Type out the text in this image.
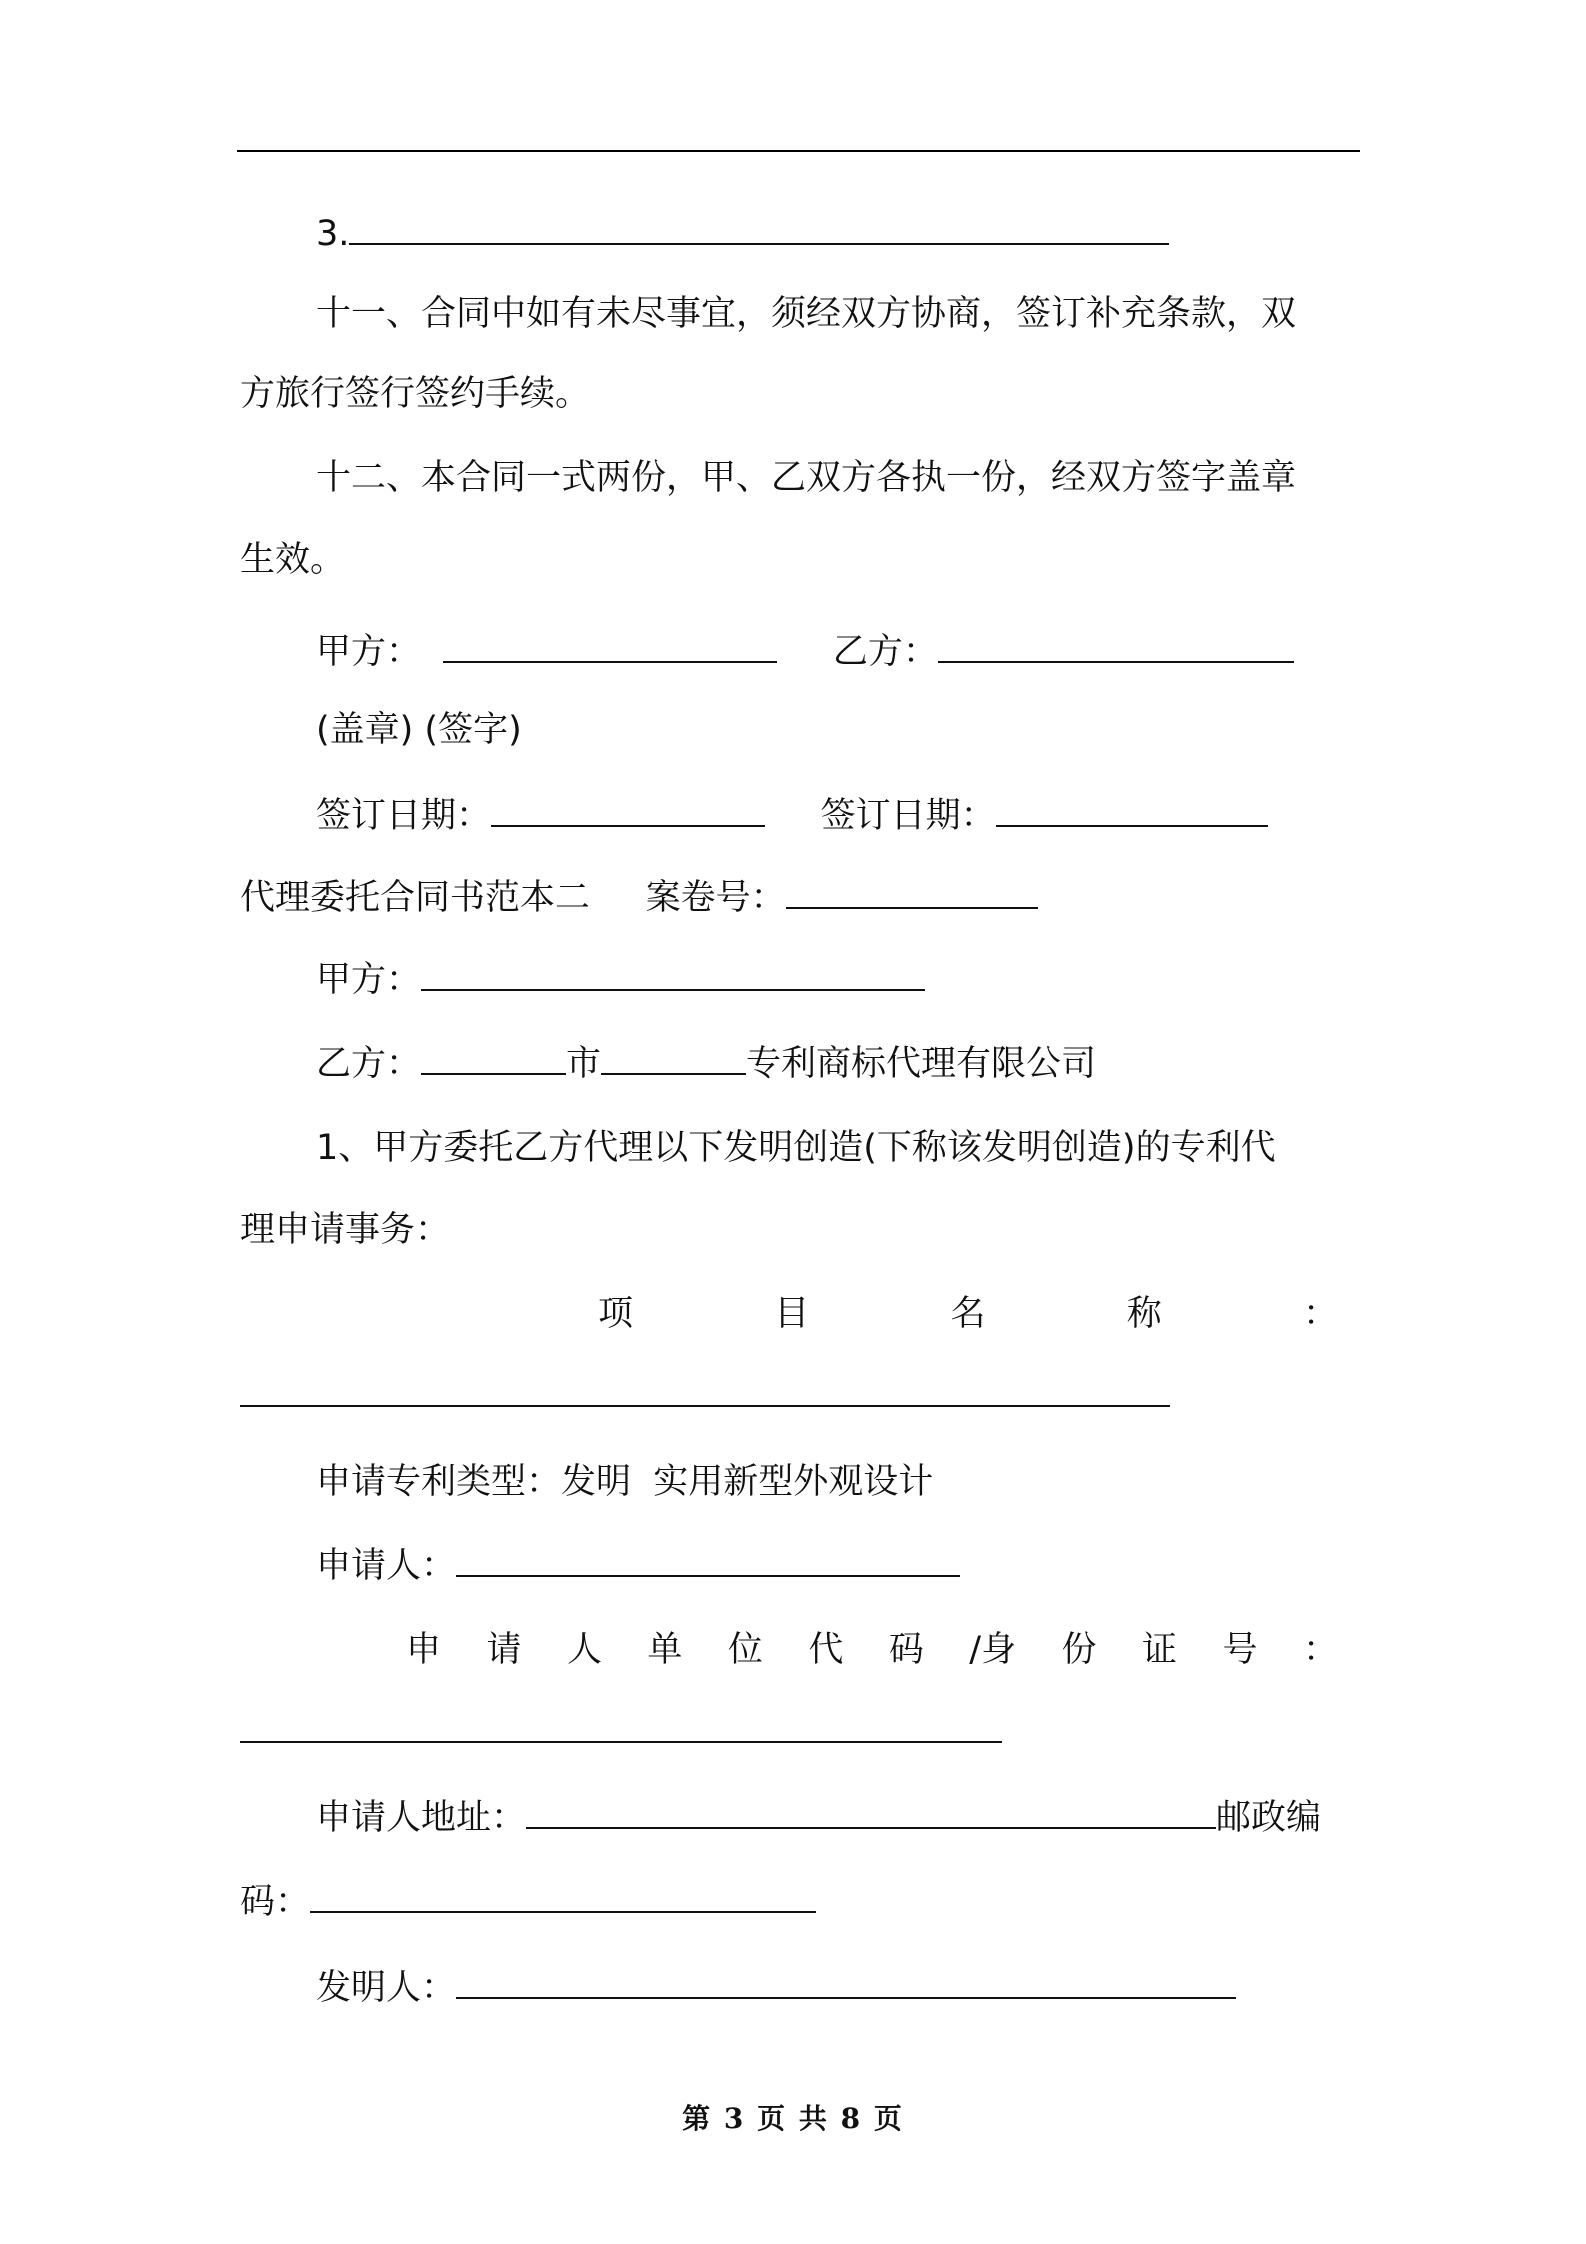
3.
十一、合同中如有未尽事宜，须经双方协商，签订补充条款，双
方旅行签行签约手续。
十二、本合同一式两份，甲、乙双方各执一份，经双方签字盖章
生效。
甲方：	乙方：
(盖章) (签字)
签订日期：	签订日期：
代理委托合同书范本二 案卷号：
甲方：
乙方：	市	专利商标代理有限公司
1、甲方委托乙方代理以下发明创造(下称该发明创造)的专利代
理申请事务：
项	目	名	称	：
申请专利类型：发明  实用新型外观设计
申请人：
申 请 人 单 位 代 码 /身 份 证 号 ：
申请人地址：	邮政编
码：
发明人：
第 3 页 共 8 页
